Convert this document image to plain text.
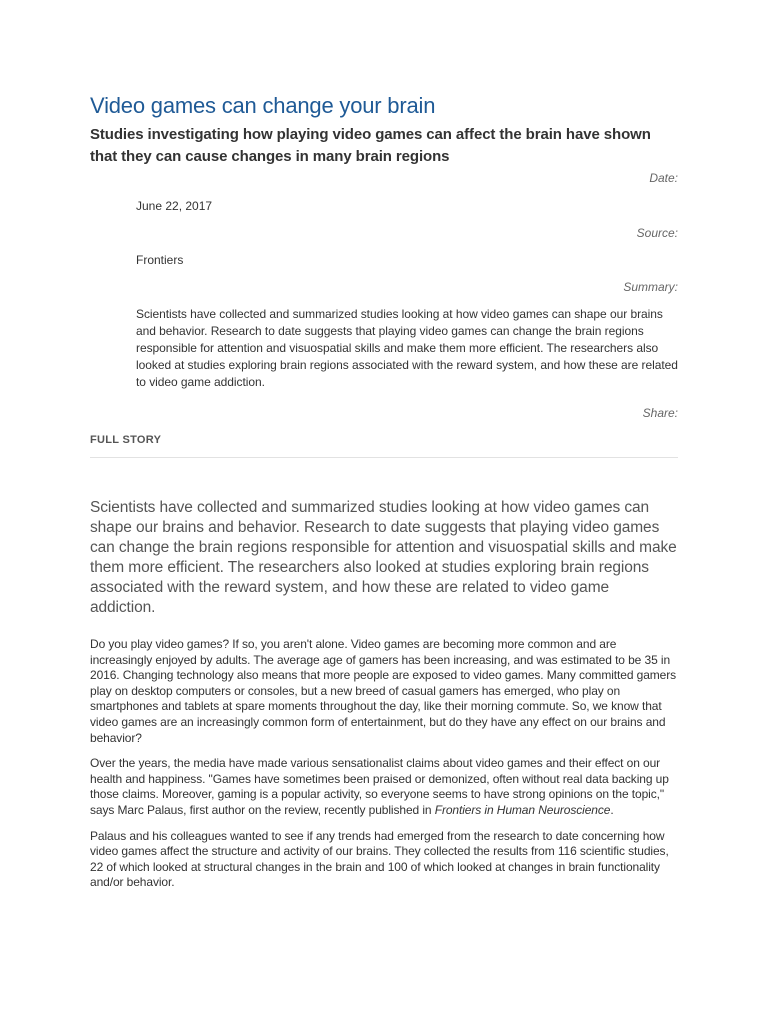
Video games can change your brain
Studies investigating how playing video games can affect the brain have shown that they can cause changes in many brain regions
Date:
June 22, 2017
Source:
Frontiers
Summary:
Scientists have collected and summarized studies looking at how video games can shape our brains and behavior. Research to date suggests that playing video games can change the brain regions responsible for attention and visuospatial skills and make them more efficient. The researchers also looked at studies exploring brain regions associated with the reward system, and how these are related to video game addiction.
Share:
FULL STORY

Scientists have collected and summarized studies looking at how video games can shape our brains and behavior. Research to date suggests that playing video games can change the brain regions responsible for attention and visuospatial skills and make them more efficient. The researchers also looked at studies exploring brain regions associated with the reward system, and how these are related to video game addiction.

Do you play video games? If so, you aren't alone. Video games are becoming more common and are increasingly enjoyed by adults. The average age of gamers has been increasing, and was estimated to be 35 in 2016. Changing technology also means that more people are exposed to video games. Many committed gamers play on desktop computers or consoles, but a new breed of casual gamers has emerged, who play on smartphones and tablets at spare moments throughout the day, like their morning commute. So, we know that video games are an increasingly common form of entertainment, but do they have any effect on our brains and behavior?

Over the years, the media have made various sensationalist claims about video games and their effect on our health and happiness. "Games have sometimes been praised or demonized, often without real data backing up those claims. Moreover, gaming is a popular activity, so everyone seems to have strong opinions on the topic," says Marc Palaus, first author on the review, recently published in Frontiers in Human Neuroscience.

Palaus and his colleagues wanted to see if any trends had emerged from the research to date concerning how video games affect the structure and activity of our brains. They collected the results from 116 scientific studies, 22 of which looked at structural changes in the brain and 100 of which looked at changes in brain functionality and/or behavior.
